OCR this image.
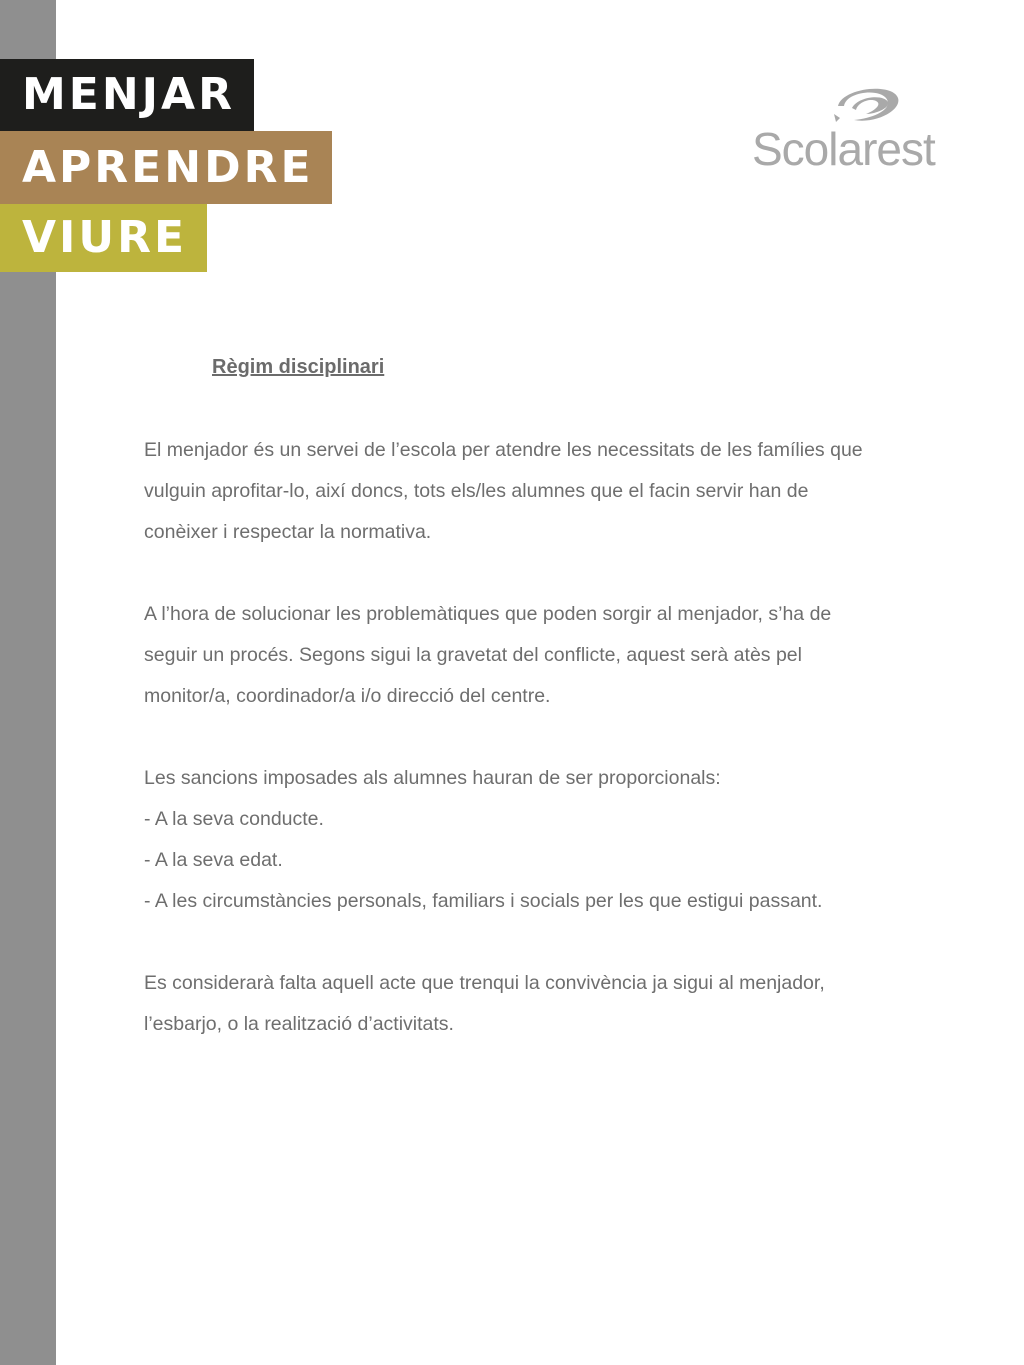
MENJAR
APRENDRE
VIURE
Scolarest
Règim disciplinari

El menjador és un servei de l’escola per atendre les necessitats de les famílies que

vulguin aprofitar-lo, així doncs, tots els/les alumnes que el facin servir han de

conèixer i respectar la normativa.

A l’hora de solucionar les problemàtiques que poden sorgir al menjador, s’ha de

seguir un procés. Segons sigui la gravetat del conflicte, aquest serà atès pel

monitor/a, coordinador/a i/o direcció del centre.

Les sancions imposades als alumnes hauran de ser proporcionals:

- A la seva conducte.

- A la seva edat.

- A les circumstàncies personals, familiars i socials per les que estigui passant.

Es considerarà falta aquell acte que trenqui la convivència ja sigui al menjador,

l’esbarjo, o la realització d’activitats.
